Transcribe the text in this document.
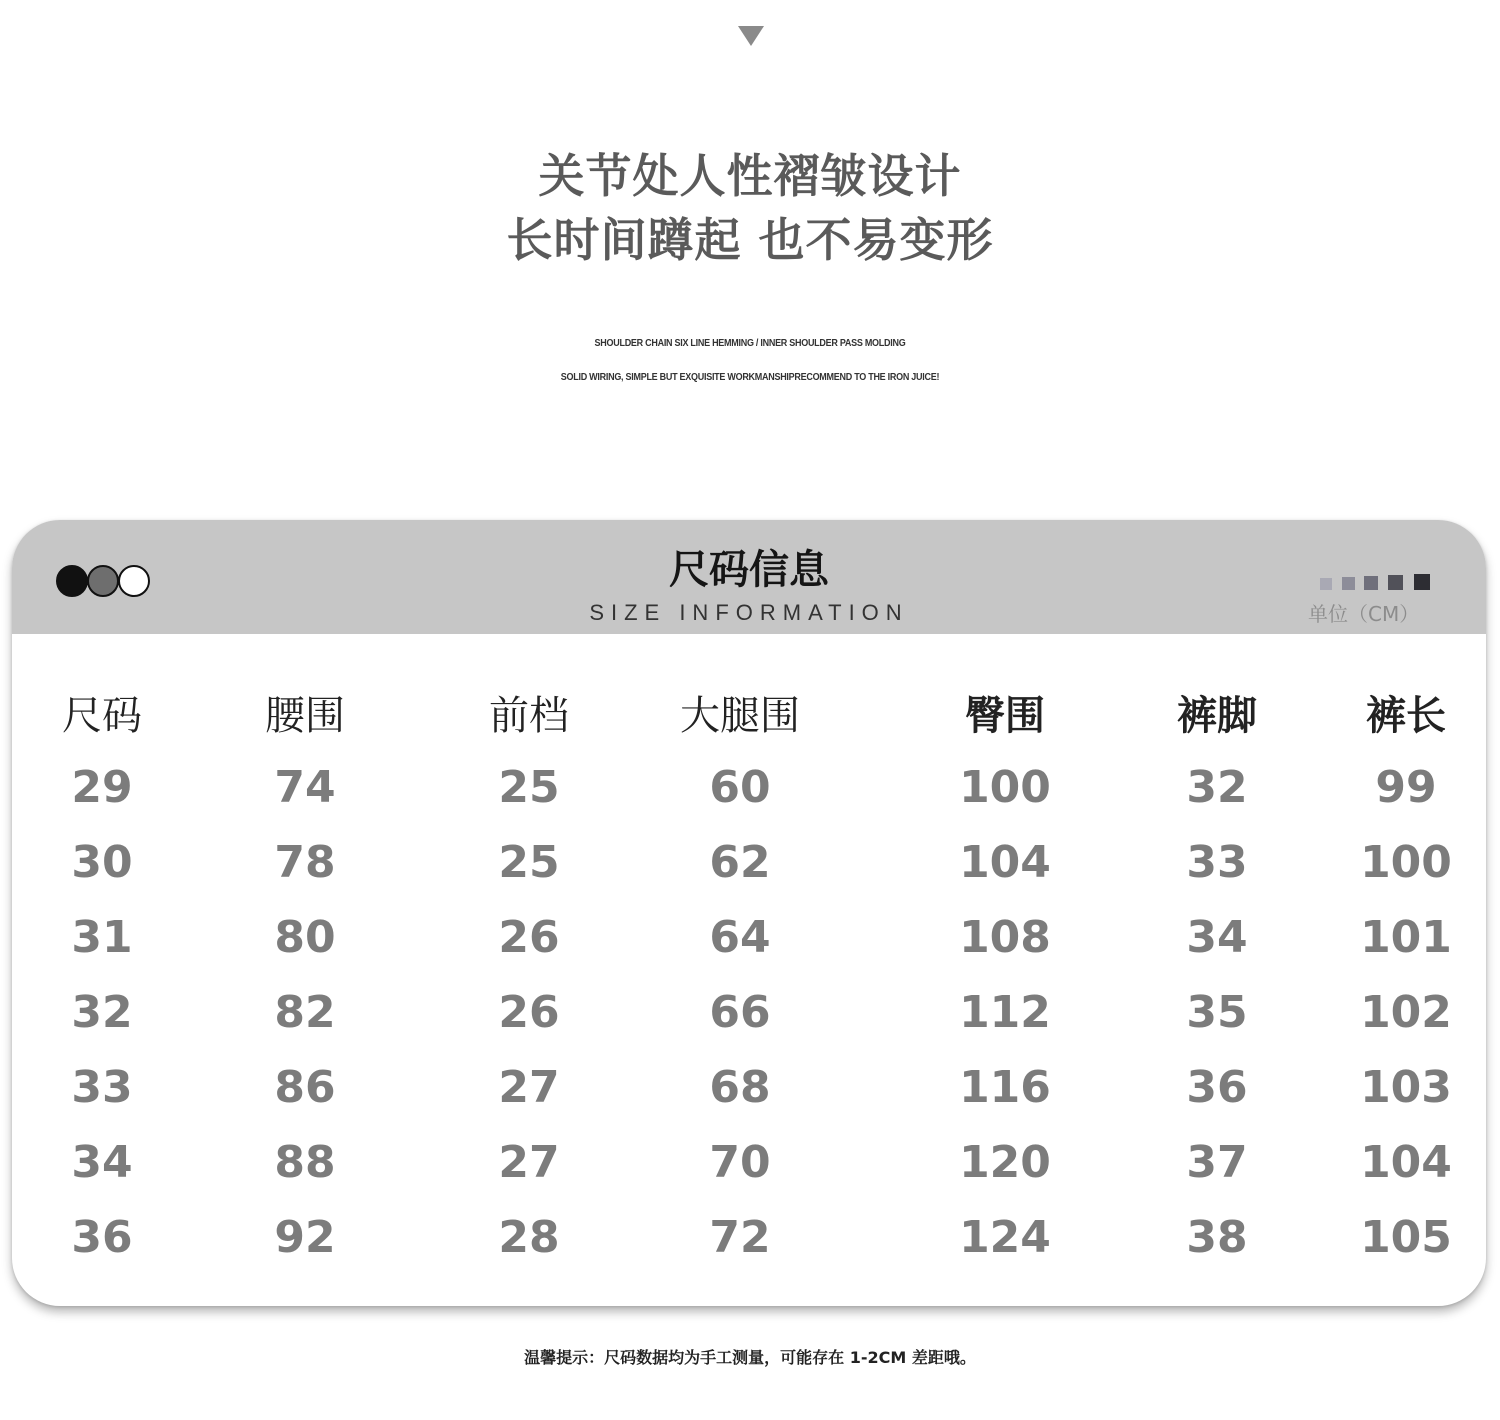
关节处人性褶皱设计
长时间蹲起 也不易变形
SHOULDER CHAIN SIX LINE HEMMING / INNER SHOULDER PASS MOLDING
SOLID WIRING, SIMPLE BUT EXQUISITE WORKMANSHIPRECOMMEND TO THE IRON JUICE!
尺码信息
SIZE INFORMATION	单位（CM）
尺码	腰围	前档	大腿围	臀围	裤脚	裤长
29	74	25	60	100	32	99
30	78	25	62	104	33	100
31	80	26	64	108	34	101
32	82	26	66	112	35	102
33	86	27	68	116	36	103
34	88	27	70	120	37	104
36	92	28	72	124	38	105
温馨提示：尺码数据均为手工测量，可能存在 1-2CM 差距哦。
